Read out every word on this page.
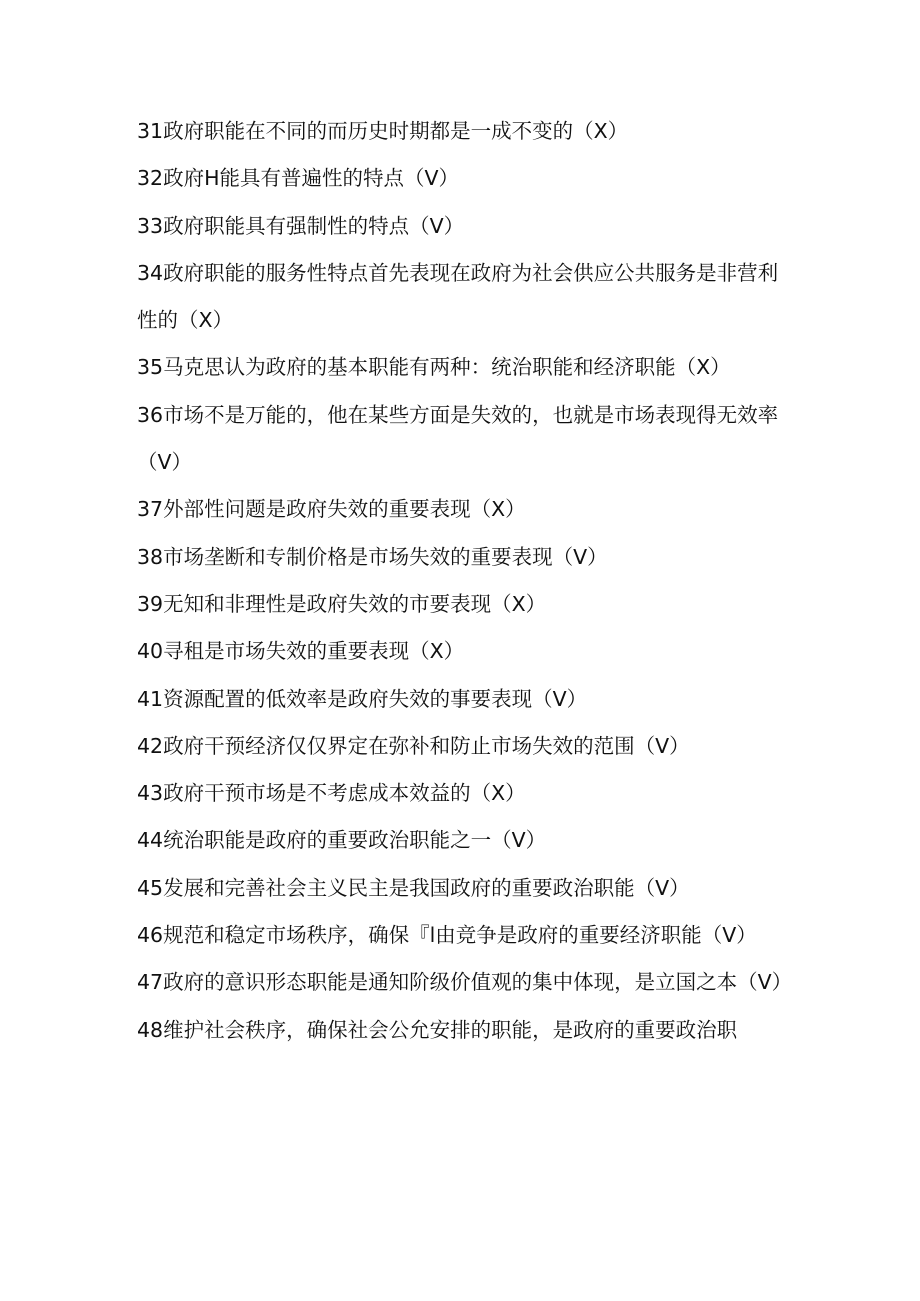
31政府职能在不同的而历史时期都是一成不变的（X）

32政府H能具有普遍性的特点（V）

33政府职能具有强制性的特点（V）

34政府职能的服务性特点首先表现在政府为社会供应公共服务是非营利性的（X）

35马克思认为政府的基本职能有两种：统治职能和经济职能（X）

36市场不是万能的，他在某些方面是失效的，也就是市场表现得无效率（V）

37外部性问题是政府失效的重要表现（X）

38市场垄断和专制价格是市场失效的重要表现（V）

39无知和非理性是政府失效的市要表现（X）

40寻租是市场失效的重要表现（X）

41资源配置的低效率是政府失效的事要表现（V）

42政府干预经济仅仅界定在弥补和防止市场失效的范围（V）

43政府干预市场是不考虑成本效益的（X）

44统治职能是政府的重要政治职能之一（V）

45发展和完善社会主义民主是我国政府的重要政治职能（V）

46规范和稳定市场秩序，确保『l由竞争是政府的重要经济职能（V）

47政府的意识形态职能是通知阶级价值观的集中体现，是立国之本（V）

48维护社会秩序，确保社会公允安排的职能，是政府的重要政治职
